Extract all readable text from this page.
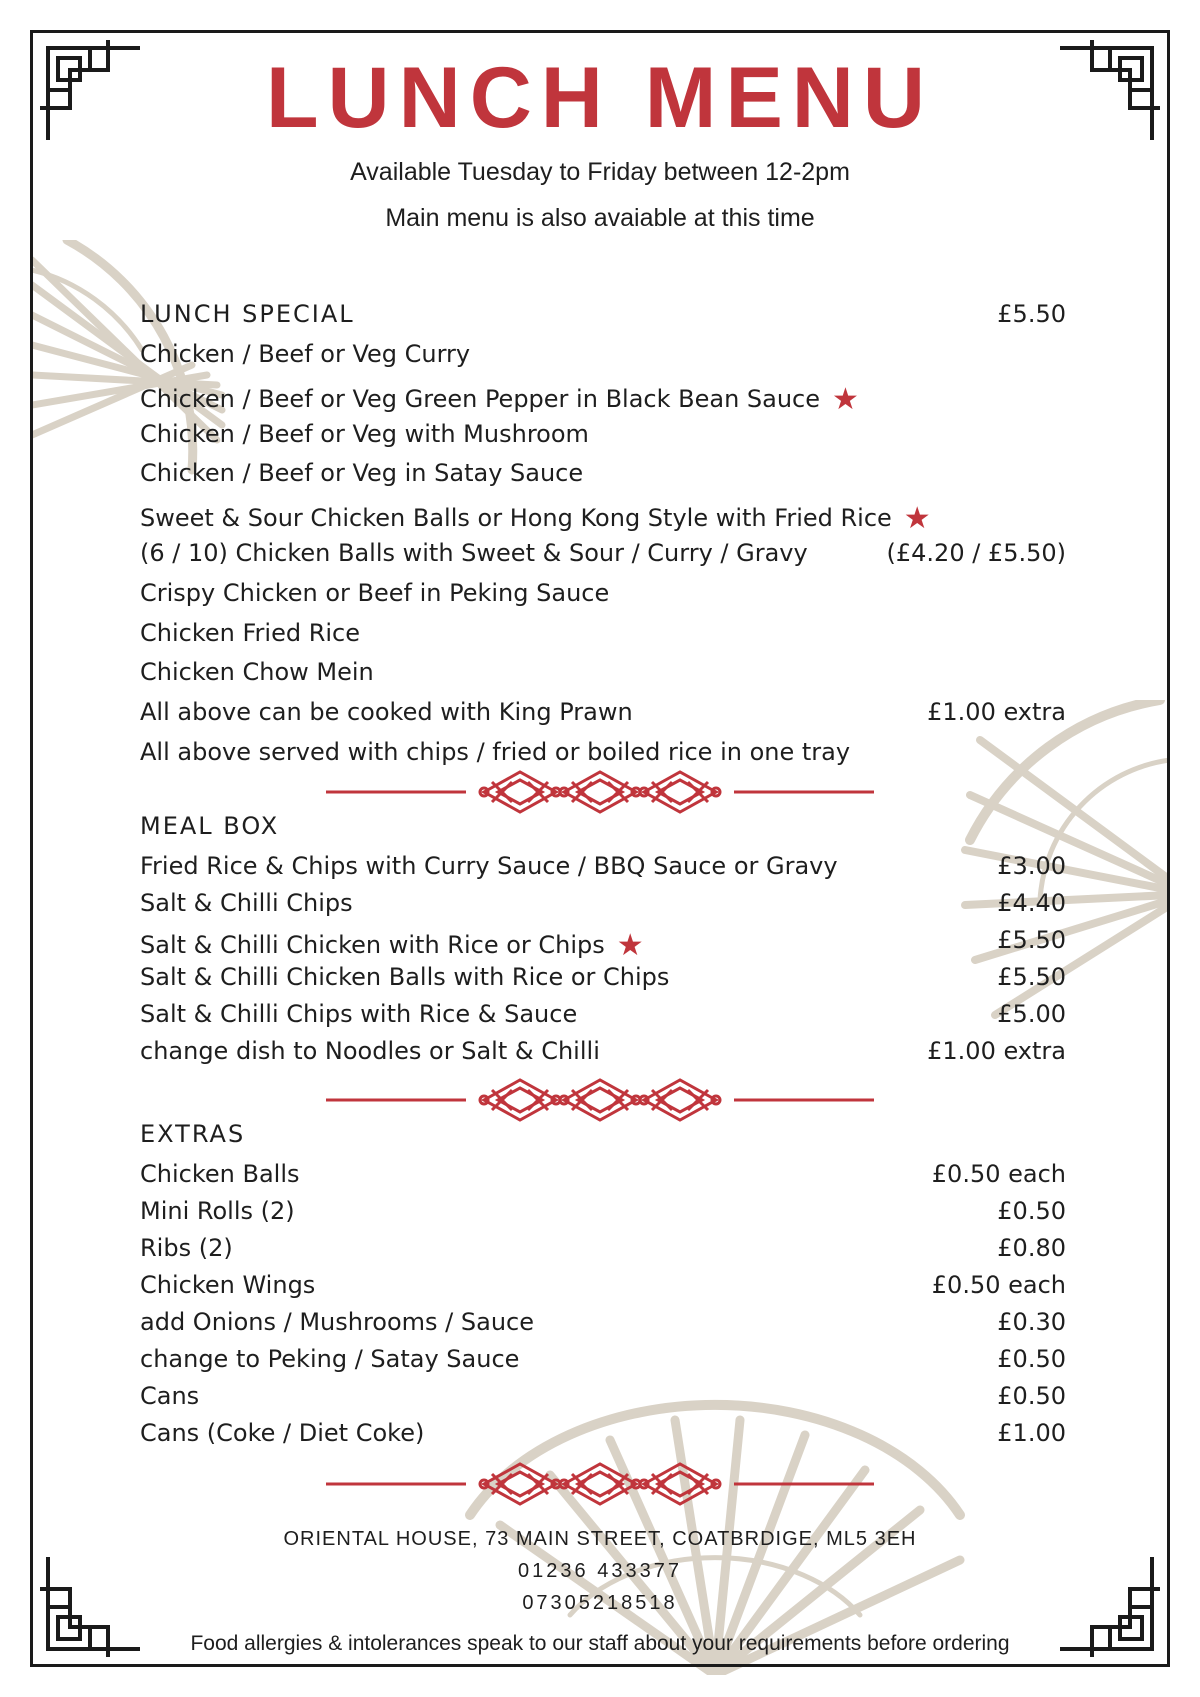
LUNCH MENU
Available Tuesday to Friday between 12-2pm
Main menu is also avaiable at this time
LUNCH SPECIAL	£5.50
Chicken / Beef or Veg Curry
Chicken / Beef or Veg Green Pepper in Black Bean Sauce ★
Chicken / Beef or Veg with Mushroom
Chicken / Beef or Veg in Satay Sauce
Sweet & Sour Chicken Balls or Hong Kong Style with Fried Rice ★
(6 / 10) Chicken Balls with Sweet & Sour / Curry / Gravy	(£4.20 / £5.50)
Crispy Chicken or Beef in Peking Sauce
Chicken Fried Rice
Chicken Chow Mein
All above can be cooked with King Prawn	£1.00 extra
All above served with chips / fried or boiled rice in one tray
MEAL BOX
Fried Rice & Chips with Curry Sauce / BBQ Sauce or Gravy	£3.00
Salt & Chilli Chips	£4.40
Salt & Chilli Chicken with Rice or Chips ★	£5.50
Salt & Chilli Chicken Balls with Rice or Chips	£5.50
Salt & Chilli Chips with Rice & Sauce	£5.00
change dish to Noodles or Salt & Chilli	£1.00 extra
EXTRAS
Chicken Balls	£0.50 each
Mini Rolls (2)	£0.50
Ribs (2)	£0.80
Chicken Wings	£0.50 each
add Onions / Mushrooms / Sauce	£0.30
change to Peking / Satay Sauce	£0.50
Cans	£0.50
Cans (Coke / Diet Coke)	£1.00
ORIENTAL HOUSE, 73 MAIN STREET, COATBRDIGE, ML5 3EH
01236 433377
07305218518
Food allergies & intolerances speak to our staff about your requirements before ordering
